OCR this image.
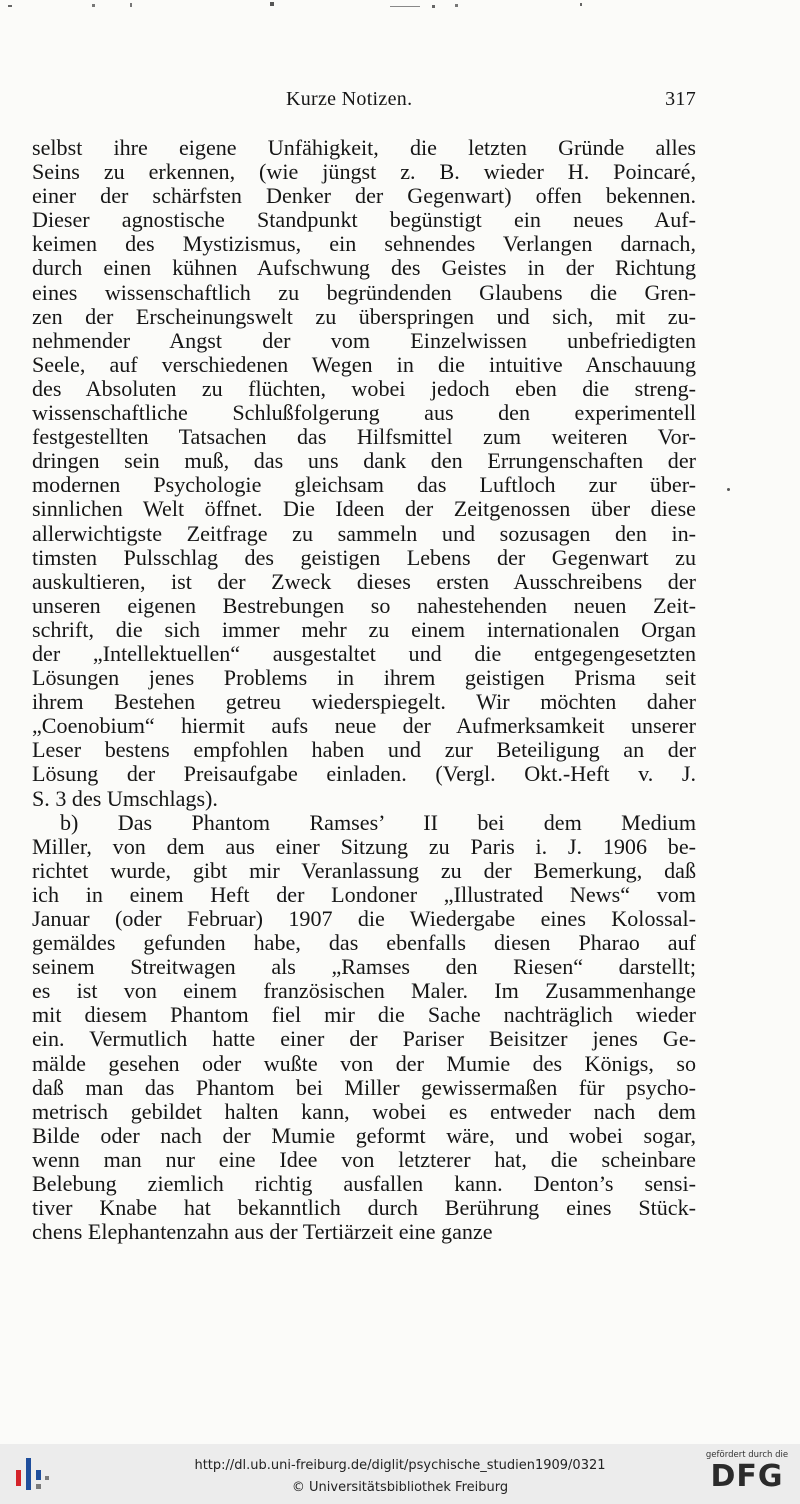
Kurze Notizen.	317
selbst ihre eigene Unfähigkeit, die letzten Gründe alles
Seins zu erkennen, (wie jüngst z. B. wieder H. Poincaré,
einer der schärfsten Denker der Gegenwart) offen bekennen.
Dieser agnostische Standpunkt begünstigt ein neues Auf-
keimen des Mystizismus, ein sehnendes Verlangen darnach,
durch einen kühnen Aufschwung des Geistes in der Richtung
eines wissenschaftlich zu begründenden Glaubens die Gren-
zen der Erscheinungswelt zu überspringen und sich, mit zu-
nehmender Angst der vom Einzelwissen unbefriedigten
Seele, auf verschiedenen Wegen in die intuitive Anschauung
des Absoluten zu flüchten, wobei jedoch eben die streng-
wissenschaftliche Schlußfolgerung aus den experimentell
festgestellten Tatsachen das Hilfsmittel zum weiteren Vor-
dringen sein muß, das uns dank den Errungenschaften der
modernen Psychologie gleichsam das Luftloch zur über-
sinnlichen Welt öffnet. Die Ideen der Zeitgenossen über diese
allerwichtigste Zeitfrage zu sammeln und sozusagen den in-
timsten Pulsschlag des geistigen Lebens der Gegenwart zu
auskultieren, ist der Zweck dieses ersten Ausschreibens der
unseren eigenen Bestrebungen so nahestehenden neuen Zeit-
schrift, die sich immer mehr zu einem internationalen Organ
der „Intellektuellen“ ausgestaltet und die entgegengesetzten
Lösungen jenes Problems in ihrem geistigen Prisma seit
ihrem Bestehen getreu wiederspiegelt. Wir möchten daher
„Coenobium“ hiermit aufs neue der Aufmerksamkeit unserer
Leser bestens empfohlen haben und zur Beteiligung an der
Lösung der Preisaufgabe einladen. (Vergl. Okt.-Heft v. J.
S. 3 des Umschlags).
b) Das Phantom Ramses’ II bei dem Medium
Miller, von dem aus einer Sitzung zu Paris i. J. 1906 be-
richtet wurde, gibt mir Veranlassung zu der Bemerkung, daß
ich in einem Heft der Londoner „Illustrated News“ vom
Januar (oder Februar) 1907 die Wiedergabe eines Kolossal-
gemäldes gefunden habe, das ebenfalls diesen Pharao auf
seinem Streitwagen als „Ramses den Riesen“ darstellt;
es ist von einem französischen Maler. Im Zusammenhange
mit diesem Phantom fiel mir die Sache nachträglich wieder
ein. Vermutlich hatte einer der Pariser Beisitzer jenes Ge-
mälde gesehen oder wußte von der Mumie des Königs, so
daß man das Phantom bei Miller gewissermaßen für psycho-
metrisch gebildet halten kann, wobei es entweder nach dem
Bilde oder nach der Mumie geformt wäre, und wobei sogar,
wenn man nur eine Idee von letzterer hat, die scheinbare
Belebung ziemlich richtig ausfallen kann. Denton’s sensi-
tiver Knabe hat bekanntlich durch Berührung eines Stück-
chens Elephantenzahn aus der Tertiärzeit eine ganze
http://dl.ub.uni-freiburg.de/diglit/psychische_studien1909/0321
© Universitätsbibliothek Freiburg
gefördert durch die
DFG
